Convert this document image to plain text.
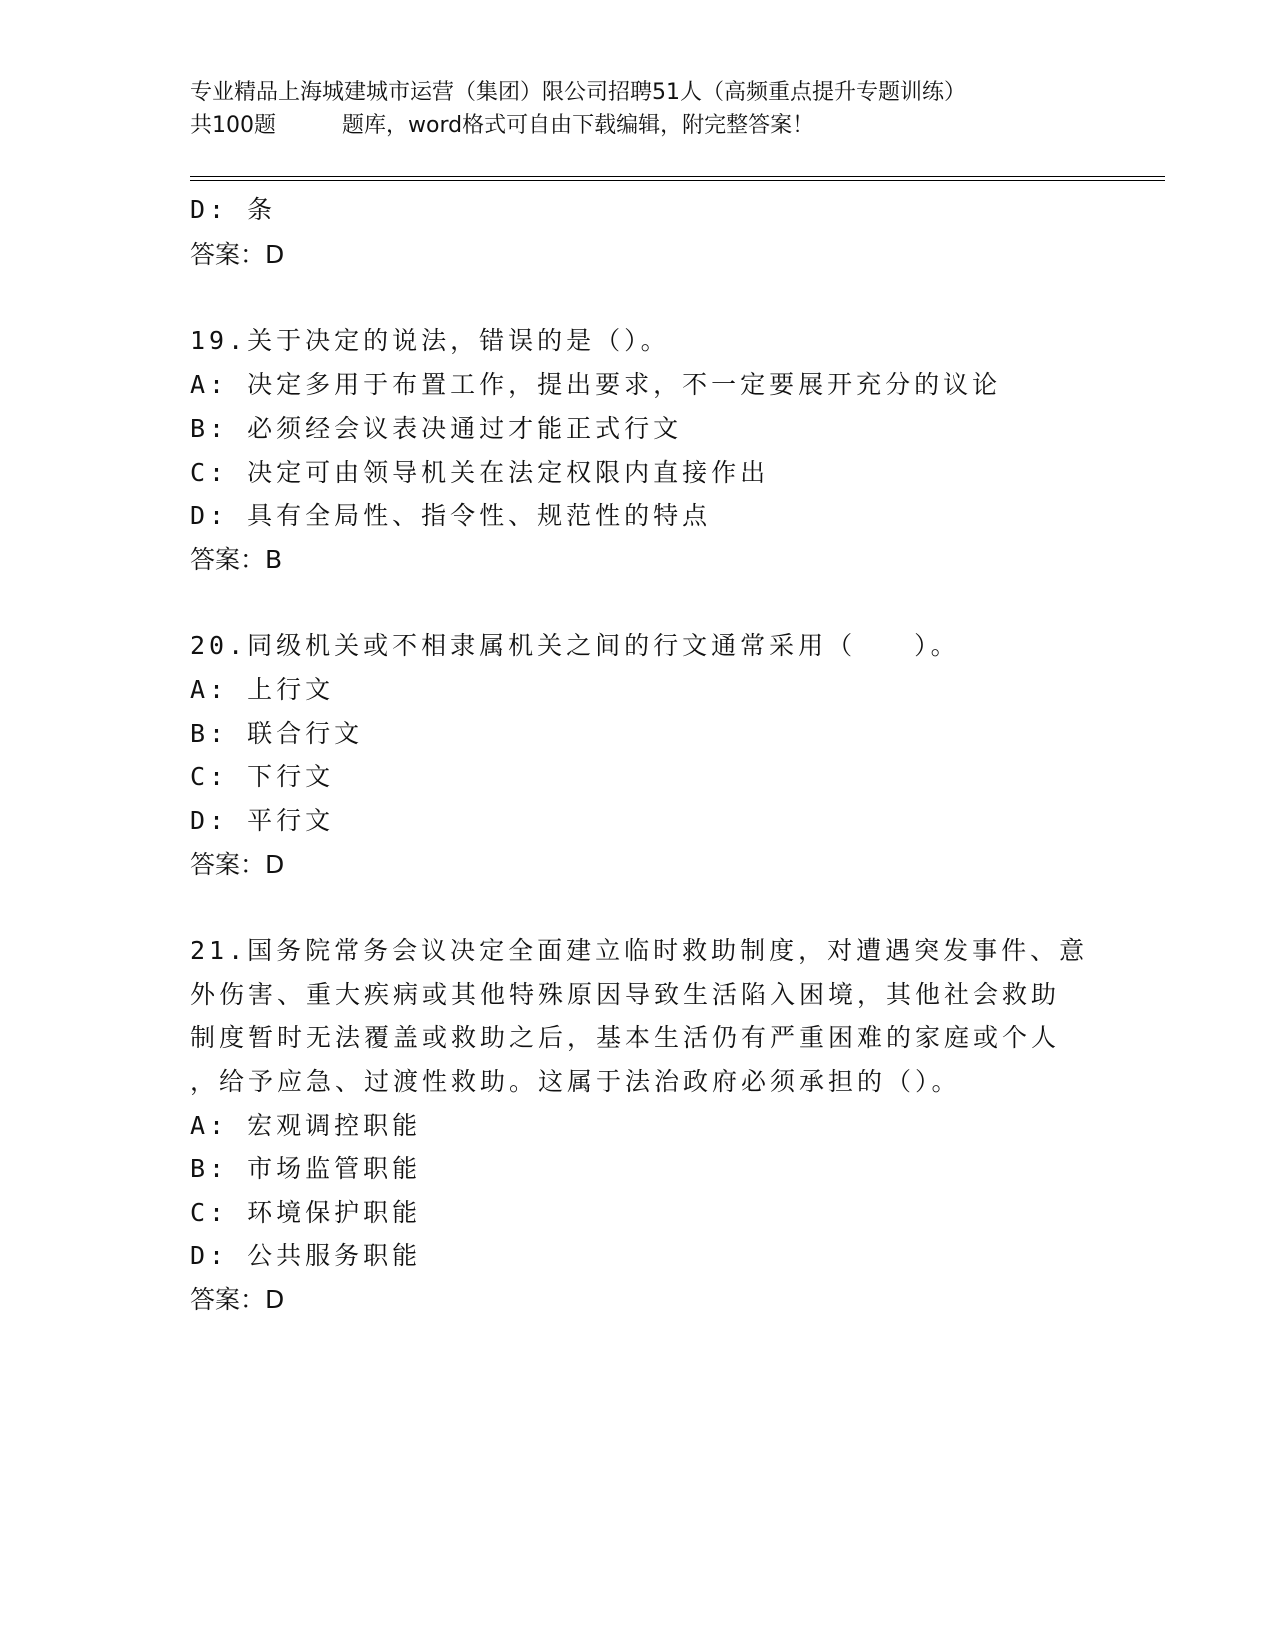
专业精品上海城建城市运营（集团）限公司招聘51人（高频重点提升专题训练）
共100题	题库，word格式可自由下载编辑，附完整答案！
D: 条
答案：D
19.关于决定的说法，错误的是（）。
A: 决定多用于布置工作，提出要求，不一定要展开充分的议论
B: 必须经会议表决通过才能正式行文
C: 决定可由领导机关在法定权限内直接作出
D: 具有全局性、指令性、规范性的特点
答案：B
20.同级机关或不相隶属机关之间的行文通常采用（　　）。
A: 上行文
B: 联合行文
C: 下行文
D: 平行文
答案：D
21.国务院常务会议决定全面建立临时救助制度，对遭遇突发事件、意
外伤害、重大疾病或其他特殊原因导致生活陷入困境，其他社会救助
制度暂时无法覆盖或救助之后，基本生活仍有严重困难的家庭或个人
，给予应急、过渡性救助。这属于法治政府必须承担的（）。
A: 宏观调控职能
B: 市场监管职能
C: 环境保护职能
D: 公共服务职能
答案：D
